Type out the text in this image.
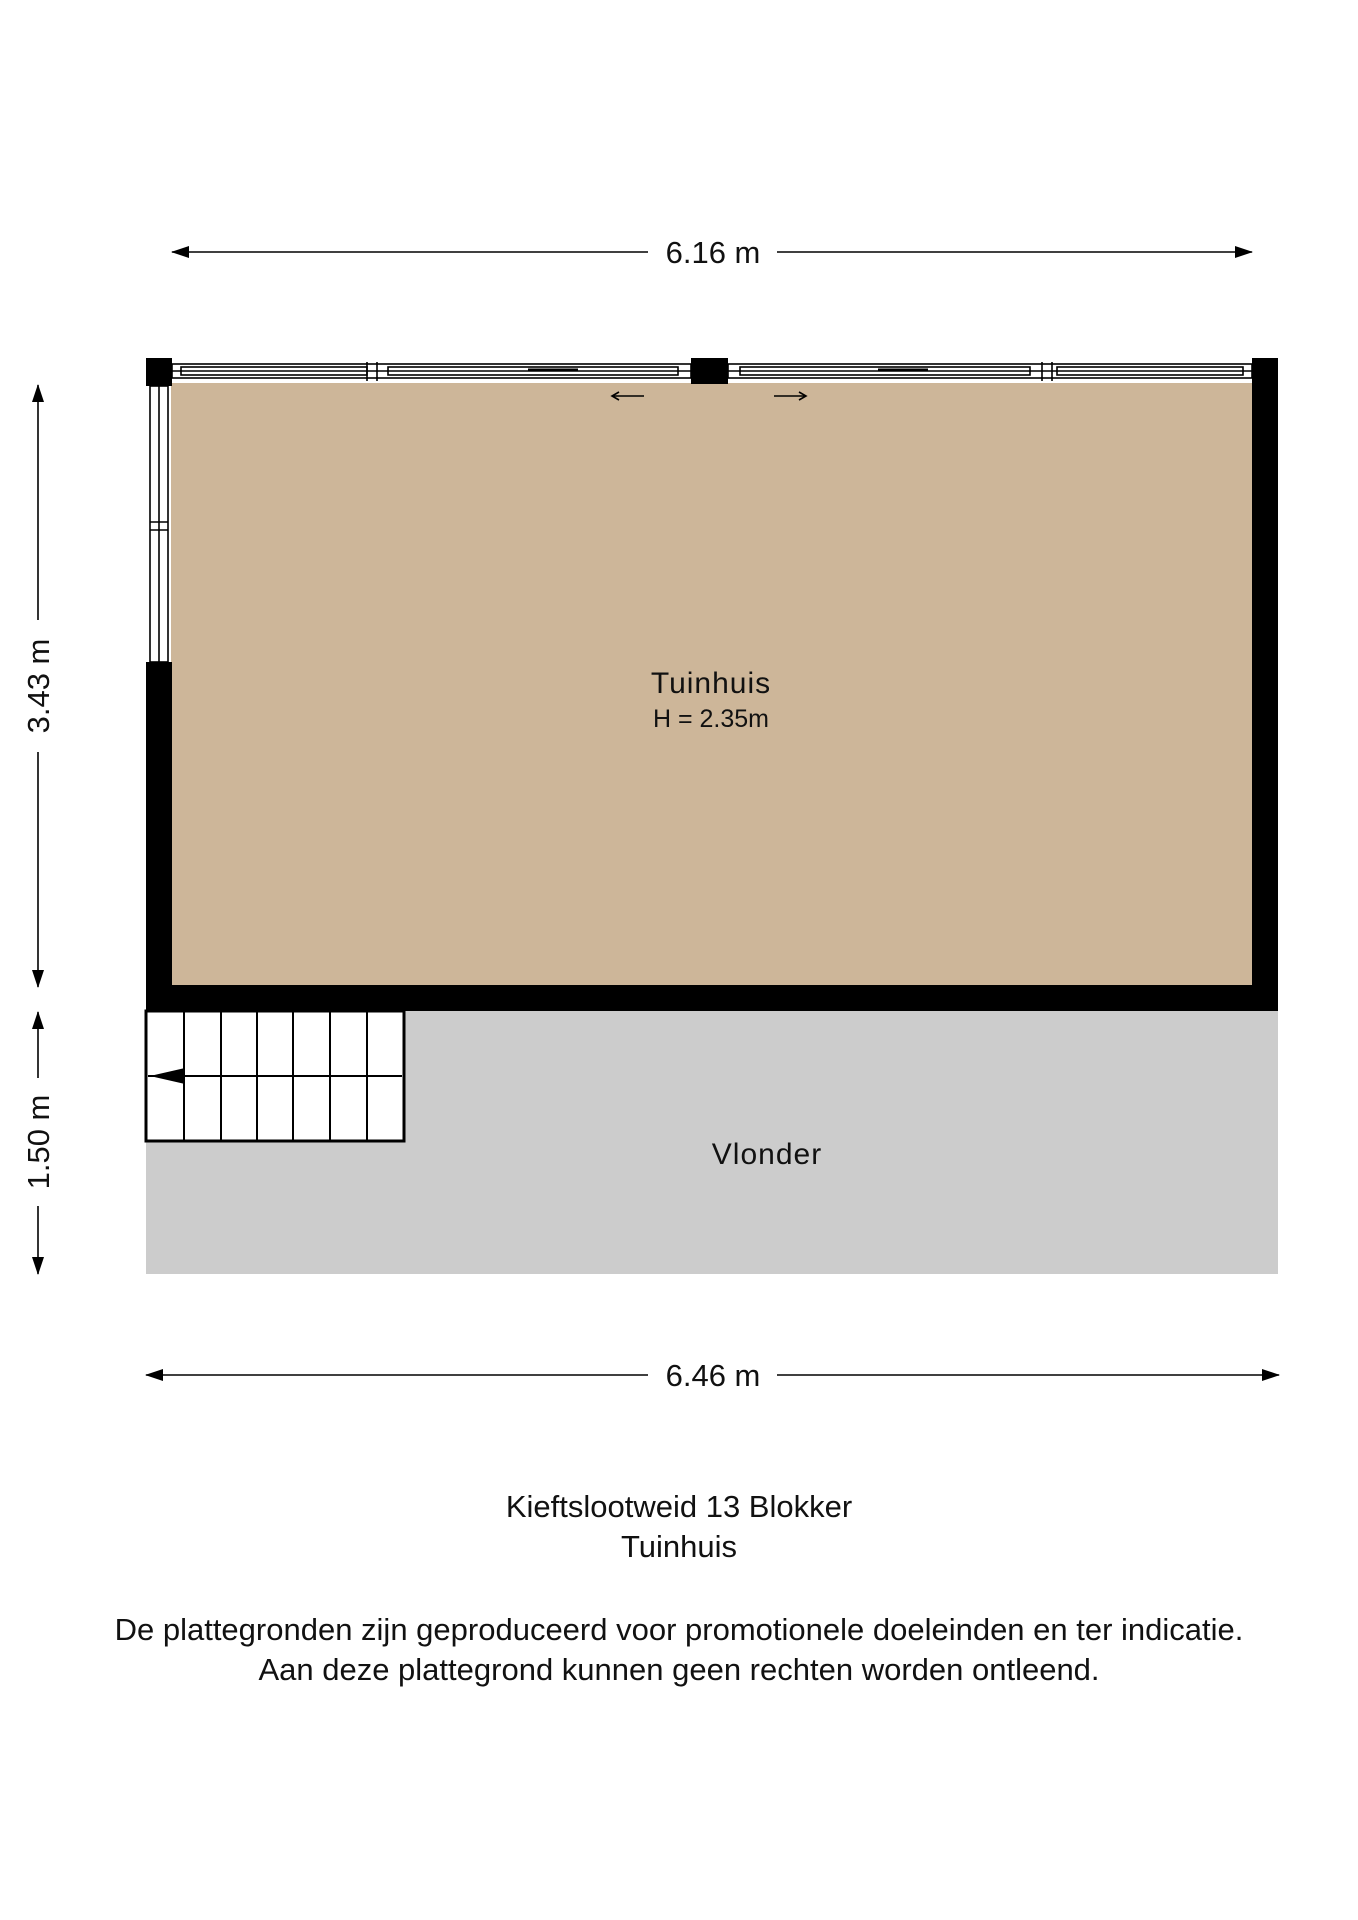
6.16 m
6.46 m
3.43 m
1.50 m
Tuinhuis
H = 2.35m
Vlonder
Kieftslootweid 13 Blokker
Tuinhuis
De plattegronden zijn geproduceerd voor promotionele doeleinden en ter indicatie.
Aan deze plattegrond kunnen geen rechten worden ontleend.
